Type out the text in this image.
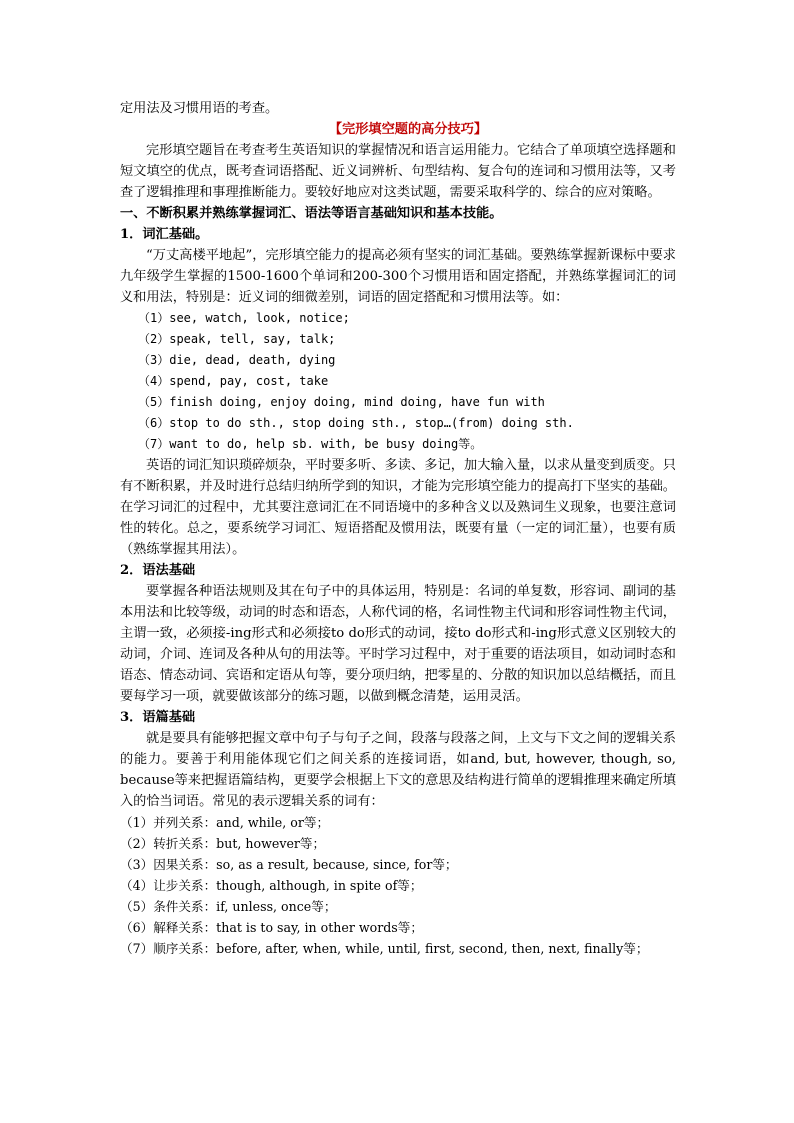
定用法及习惯用语的考查。

【完形填空题的高分技巧】

完形填空题旨在考查考生英语知识的掌握情况和语言运用能力。它结合了单项填空选择题和短文填空的优点，既考查词语搭配、近义词辨析、句型结构、复合句的连词和习惯用法等，又考查了逻辑推理和事理推断能力。要较好地应对这类试题，需要采取科学的、综合的应对策略。

一、不断积累并熟练掌握词汇、语法等语言基础知识和基本技能。

1．词汇基础。

“万丈高楼平地起”，完形填空能力的提高必须有坚实的词汇基础。要熟练掌握新课标中要求九年级学生掌握的1500-1600个单词和200-300个习惯用语和固定搭配，并熟练掌握词汇的词义和用法，特别是：近义词的细微差别，词语的固定搭配和习惯用法等。如：

（1）see, watch, look, notice;

（2）speak, tell, say, talk;

（3）die, dead, death, dying

（4）spend, pay, cost, take

（5）finish doing, enjoy doing, mind doing, have fun with

（6）stop to do sth., stop doing sth., stop…(from) doing sth.

（7）want to do, help sb. with, be busy doing等。

英语的词汇知识琐碎烦杂，平时要多听、多读、多记，加大输入量，以求从量变到质变。只有不断积累，并及时进行总结归纳所学到的知识，才能为完形填空能力的提高打下坚实的基础。在学习词汇的过程中，尤其要注意词汇在不同语境中的多种含义以及熟词生义现象，也要注意词性的转化。总之，要系统学习词汇、短语搭配及惯用法，既要有量（一定的词汇量），也要有质（熟练掌握其用法）。

2．语法基础

要掌握各种语法规则及其在句子中的具体运用，特别是：名词的单复数，形容词、副词的基本用法和比较等级，动词的时态和语态，人称代词的格，名词性物主代词和形容词性物主代词，主谓一致，必须接-ing形式和必须接to do形式的动词，接to do形式和-ing形式意义区别较大的动词，介词、连词及各种从句的用法等。平时学习过程中，对于重要的语法项目，如动词时态和语态、情态动词、宾语和定语从句等，要分项归纳，把零星的、分散的知识加以总结概括，而且要每学习一项，就要做该部分的练习题，以做到概念清楚，运用灵活。

3．语篇基础

就是要具有能够把握文章中句子与句子之间，段落与段落之间，上文与下文之间的逻辑关系的能力。要善于利用能体现它们之间关系的连接词语，如and, but, however, though, so, because等来把握语篇结构，更要学会根据上下文的意思及结构进行简单的逻辑推理来确定所填入的恰当词语。常见的表示逻辑关系的词有：

（1）并列关系：and, while, or等；

（2）转折关系：but, however等；

（3）因果关系：so, as a result, because, since, for等；

（4）让步关系：though, although, in spite of等；

（5）条件关系：if, unless, once等；

（6）解释关系：that is to say, in other words等；

（7）顺序关系：before, after, when, while, until, first, second, then, next, finally等；
